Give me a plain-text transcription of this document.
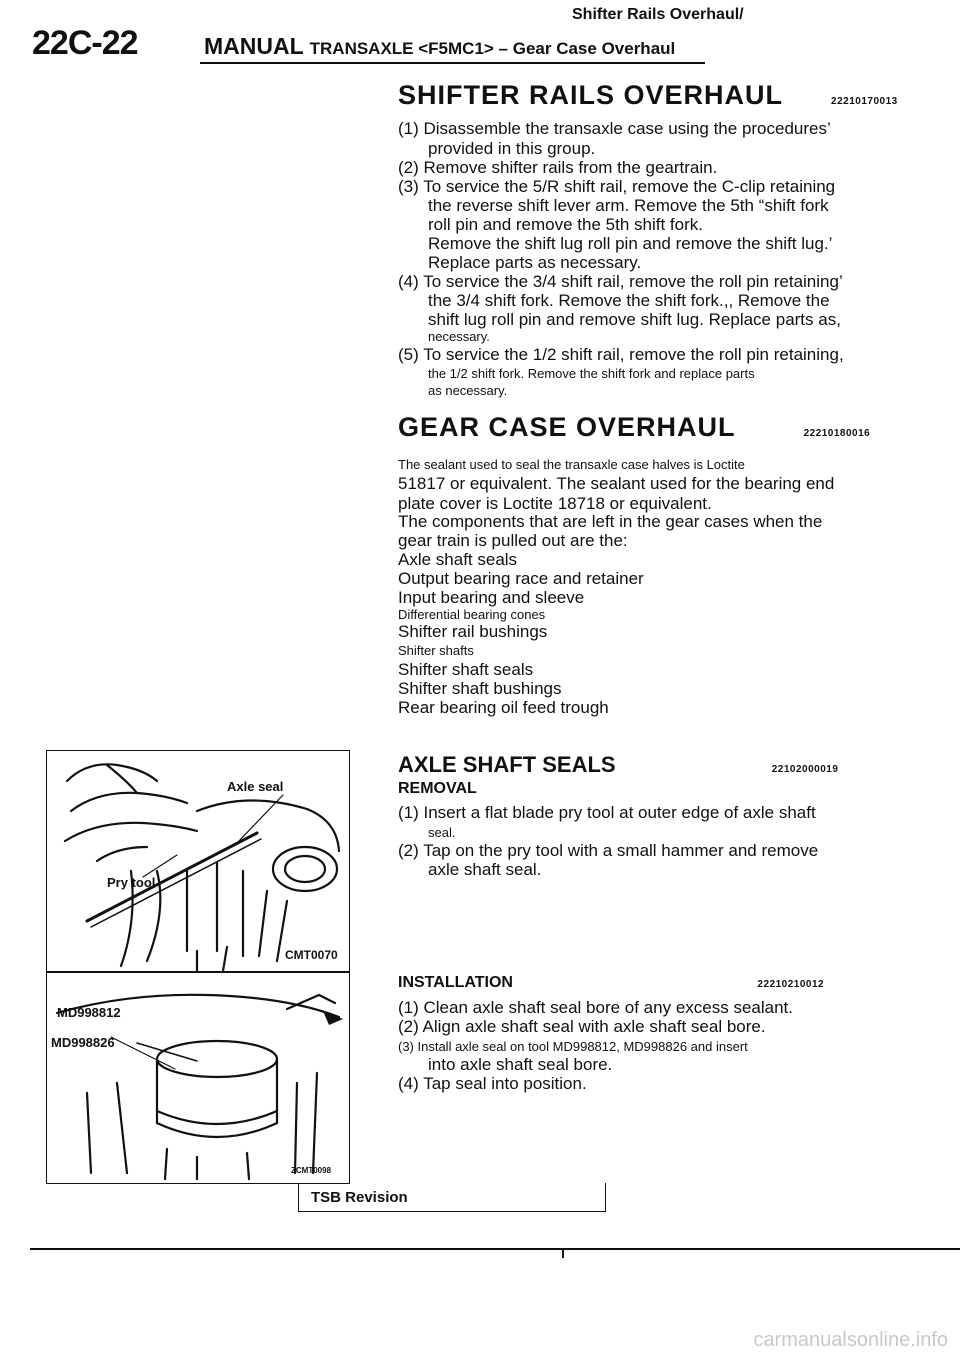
22C-22
Shifter Rails Overhaul/
MANUAL TRANSAXLE <F5MC1> – Gear Case Overhaul
SHIFTER RAILS OVERHAUL	22210170013
(1) Disassemble the transaxle case using the procedures’
provided in this group.
(2) Remove shifter rails from the geartrain.
(3) To service the 5/R shift rail, remove the C-clip retaining
the reverse shift lever arm. Remove the 5th “shift fork
roll pin and remove the 5th shift fork.
Remove the shift lug roll pin and remove the shift lug.’
Replace parts as necessary.
(4) To service the 3/4 shift rail, remove the roll pin retaining’
the 3/4 shift fork. Remove the shift fork.,, Remove the
shift lug roll pin and remove shift lug. Replace parts as,
necessary.
(5) To service the 1/2 shift rail, remove the roll pin retaining,
the 1/2 shift fork. Remove the shift fork and replace parts
as necessary.
GEAR CASE OVERHAUL	22210180016
The sealant used to seal the transaxle case halves is Loctite
51817 or equivalent. The sealant used for the bearing end
plate cover is Loctite 18718 or equivalent.
The components that are left in the gear cases when the
gear train is pulled out are the:
Axle shaft seals
Output bearing race and retainer
Input bearing and sleeve
Differential bearing cones
Shifter rail bushings
Shifter shafts
Shifter shaft seals
Shifter shaft bushings
Rear bearing oil feed trough
AXLE SHAFT SEALS	22102000019
REMOVAL
(1) Insert a flat blade pry tool at outer edge of axle shaft
seal.
(2) Tap on the pry tool with a small hammer and remove
axle shaft seal.
INSTALLATION	22210210012
(1) Clean axle shaft seal bore of any excess sealant.
(2) Align axle shaft seal with axle shaft seal bore.
(3) Install axle seal on tool MD998812, MD998826 and insert
into axle shaft seal bore.
(4) Tap seal into position.
Axle seal
Pry tool
CMT0070
MD998812
MD998826
ZCMT0098
TSB Revision
carmanualsonline.info
